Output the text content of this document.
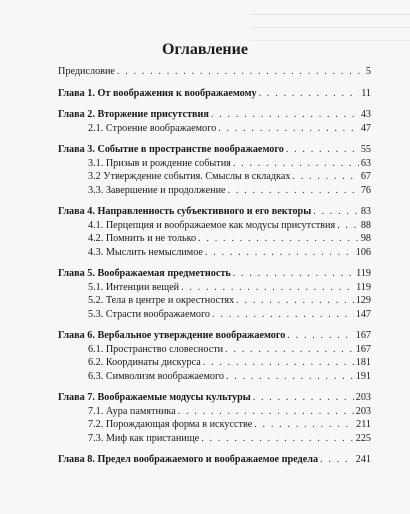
Оглавление
Предисловие . . .	5
Глава 1. От воображения к воображаемому . . .	11
Глава 2. Вторжение присутствия . . .	43
2.1. Строение воображаемого . . .	47
Глава 3. Событие в пространстве воображаемого . . .	55
3.1. Призыв и рождение события . . .	63
3.2 Утверждение события. Смыслы в складках . . .	67
3.3. Завершение и продолжение . . .	76
Глава 4. Направленность субъективного и его векторы . . .	83
4.1. Перцепция и воображаемое как модусы присутствия . . .	88
4.2. Помнить и не только . . .	98
4.3. Мыслить немыслимое . . .	106
Глава 5. Воображаемая предметность . . .	119
5.1. Интенции вещей . . .	119
5.2. Тела в центре и окрестностях . . .	129
5.3. Страсти воображаемого . . .	147
Глава 6. Вербальное утверждение воображаемого . . .	167
6.1. Пространство словесности . . .	167
6.2. Координаты дискурса . . .	181
6.3. Символизм воображаемого . . .	191
Глава 7. Воображаемые модусы культуры . . .	203
7.1. Аура памятника . . .	203
7.2. Порождающая форма в искусстве . . .	211
7.3. Миф как пристанище . . .	225
Глава 8. Предел воображаемого и воображаемое предела . . .	241
